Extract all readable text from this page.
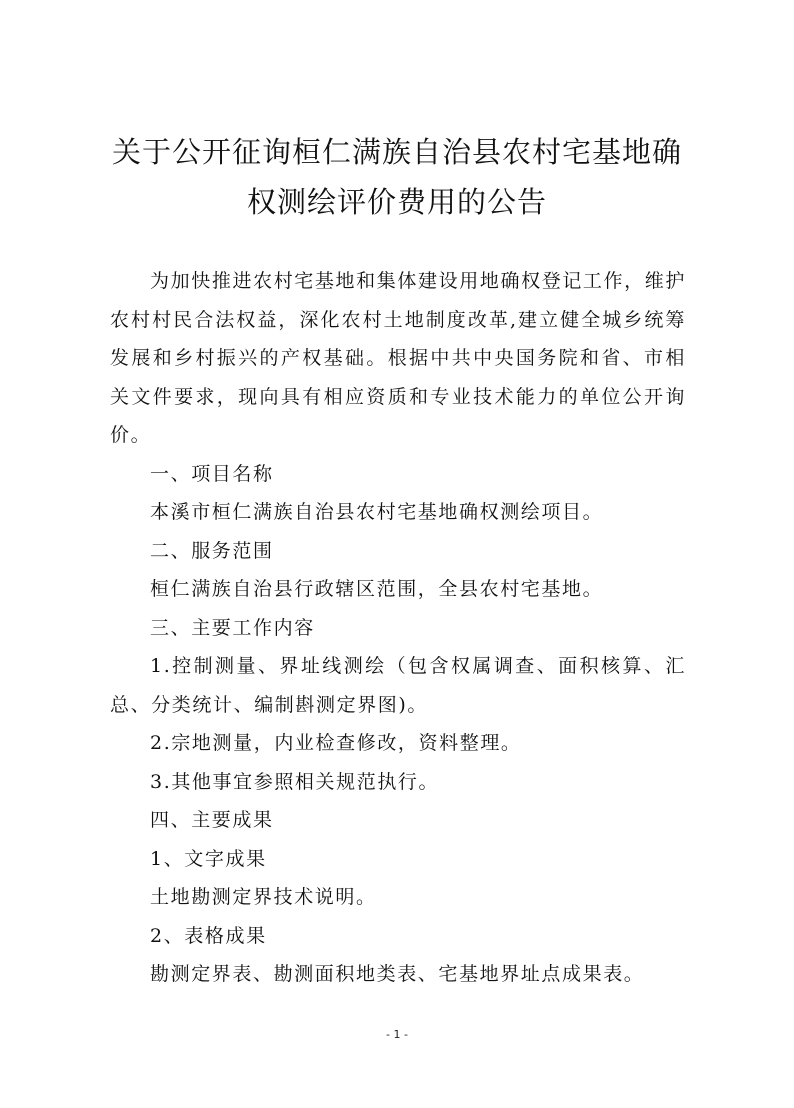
关于公开征询桓仁满族自治县农村宅基地确
权测绘评价费用的公告

为加快推进农村宅基地和集体建设用地确权登记工作，维护农村村民合法权益，深化农村土地制度改革,建立健全城乡统筹发展和乡村振兴的产权基础。根据中共中央国务院和省、市相关文件要求，现向具有相应资质和专业技术能力的单位公开询价。

一、项目名称

本溪市桓仁满族自治县农村宅基地确权测绘项目。

二、服务范围

桓仁满族自治县行政辖区范围，全县农村宅基地。

三、主要工作内容

1.控制测量、界址线测绘（包含权属调查、面积核算、汇总、分类统计、编制斟测定界图)。

2.宗地测量，内业检查修改，资料整理。

3.其他事宜参照相关规范执行。

四、主要成果

1、文字成果

土地勘测定界技术说明。

2、表格成果

勘测定界表、勘测面积地类表、宅基地界址点成果表。

- 1 -
